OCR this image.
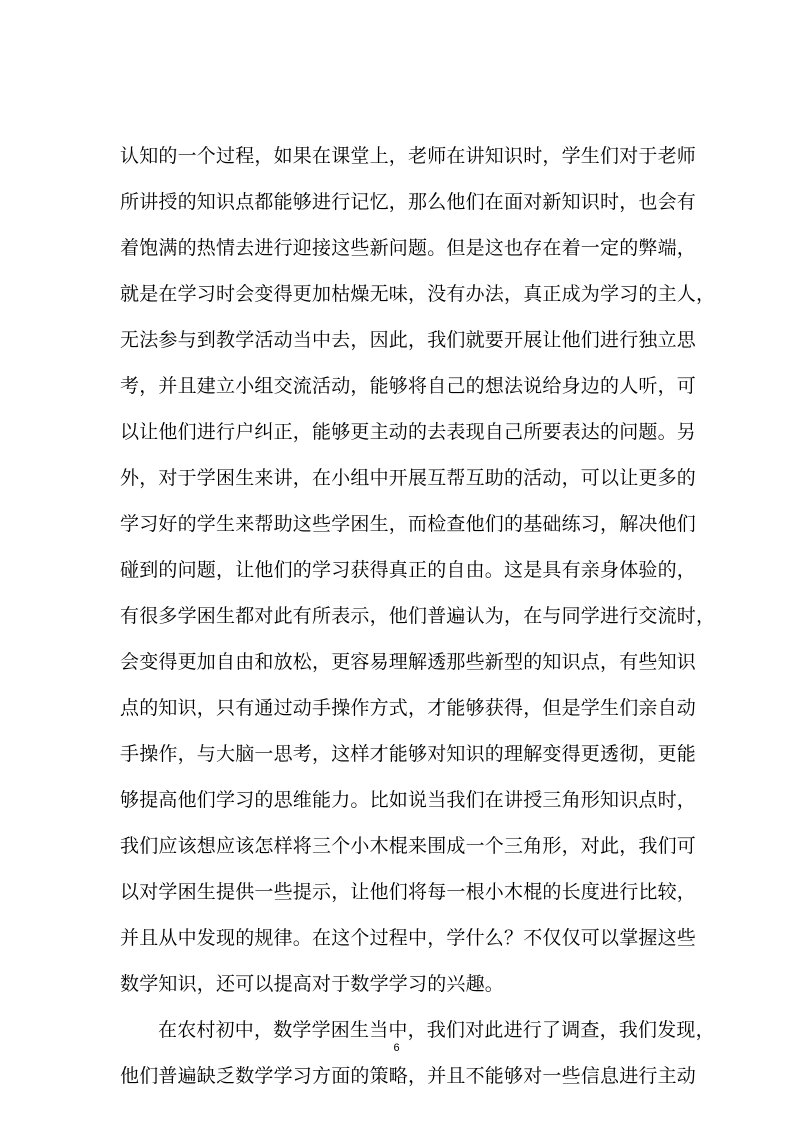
认知的一个过程，如果在课堂上，老师在讲知识时，学生们对于老师
所讲授的知识点都能够进行记忆，那么他们在面对新知识时，也会有
着饱满的热情去进行迎接这些新问题。但是这也存在着一定的弊端，
就是在学习时会变得更加枯燥无味，没有办法，真正成为学习的主人，
无法参与到教学活动当中去，因此，我们就要开展让他们进行独立思
考，并且建立小组交流活动，能够将自己的想法说给身边的人听，可
以让他们进行户纠正，能够更主动的去表现自己所要表达的问题。另
外，对于学困生来讲，在小组中开展互帮互助的活动，可以让更多的
学习好的学生来帮助这些学困生，而检查他们的基础练习，解决他们
碰到的问题，让他们的学习获得真正的自由。这是具有亲身体验的，
有很多学困生都对此有所表示，他们普遍认为，在与同学进行交流时，
会变得更加自由和放松，更容易理解透那些新型的知识点，有些知识
点的知识，只有通过动手操作方式，才能够获得，但是学生们亲自动
手操作，与大脑一思考，这样才能够对知识的理解变得更透彻，更能
够提高他们学习的思维能力。比如说当我们在讲授三角形知识点时，
我们应该想应该怎样将三个小木棍来围成一个三角形，对此，我们可
以对学困生提供一些提示，让他们将每一根小木棍的长度进行比较，
并且从中发现的规律。在这个过程中，学什么？不仅仅可以掌握这些
数学知识，还可以提高对于数学学习的兴趣。
在农村初中，数学学困生当中，我们对此进行了调查，我们发现，
他们普遍缺乏数学学习方面的策略，并且不能够对一些信息进行主动
6
